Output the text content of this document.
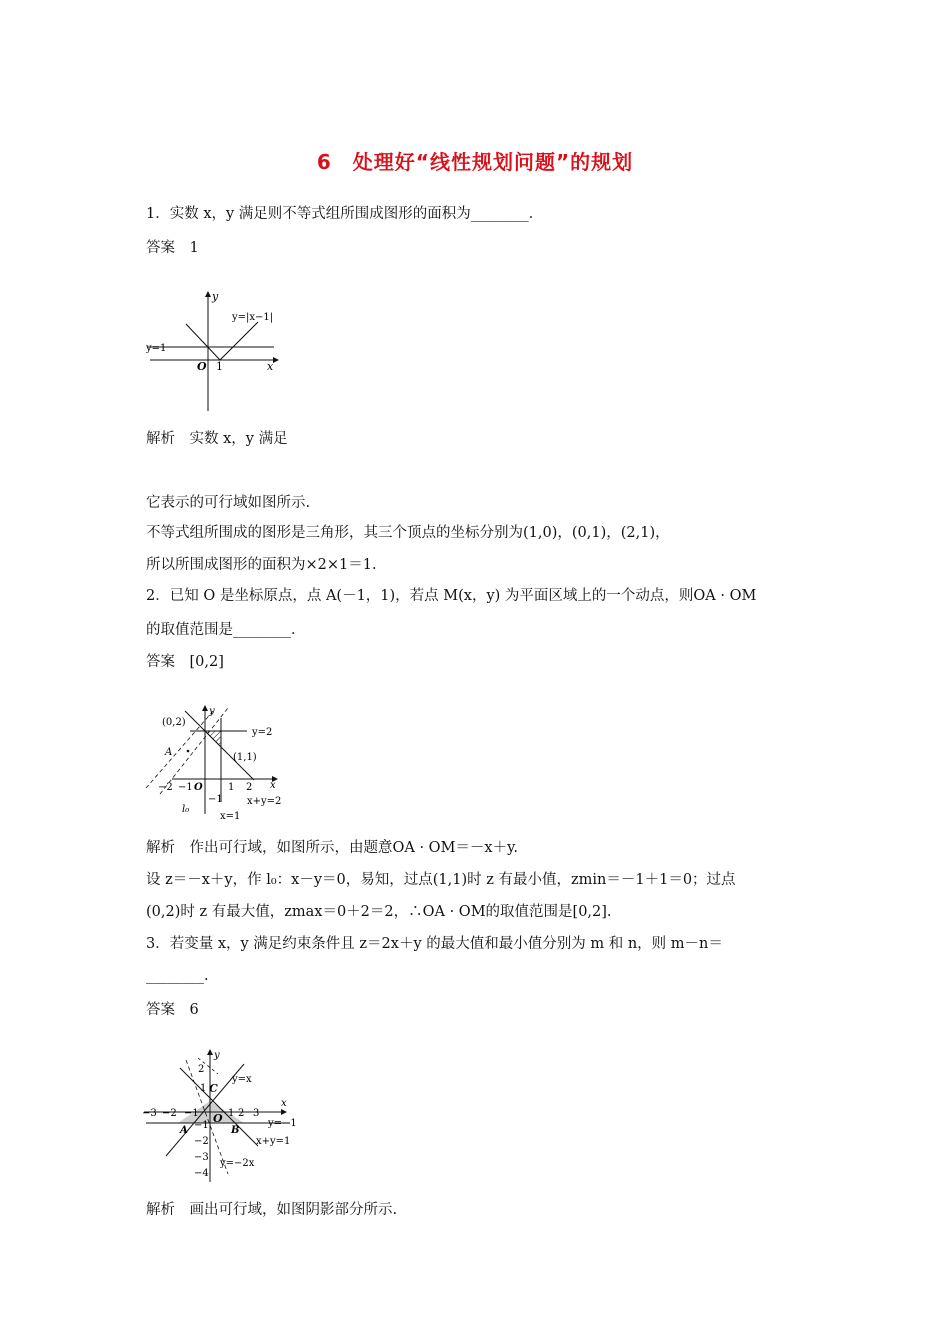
6　处理好“线性规划问题”的规划
1．实数 x，y 满足则不等式组所围成图形的面积为________．
答案　1
y
x
O 1
y=|x−1|
y=1
解析　实数 x，y 满足
它表示的可行域如图所示.
不等式组所围成的图形是三角形，其三个顶点的坐标分别为(1,0)，(0,1)，(2,1)，
所以所围成图形的面积为×2×1＝1.
2．已知 O 是坐标原点，点 A(－1，1)，若点 M(x，y) 为平面区域上的一个动点，则OA · OM
的取值范围是________．
答案　[0,2]
y
x
O
(0,2)
(1,1)
A
y=2
x+y=2
x=1
l₀
−2 −1	1 2
−1
解析　作出可行域，如图所示，由题意OA · OM＝－x＋y.
设 z＝－x＋y，作 l₀：x－y＝0，易知，过点(1,1)时 z 有最小值，zmin＝－1＋1＝0；过点
(0,2)时 z 有最大值，zmax＝0＋2＝2，∴OA · OM的取值范围是[0,2].
3．若变量 x，y 满足约束条件且 z＝2x＋y 的最大值和最小值分别为 m 和 n，则 m－n＝
________.
答案　6
y
x
O
y=x
y=−1
x+y=1
y=−2x
A	B
C
−3 −2 −1	1 2 3
2
1
−1
−2
−3
−4
解析　画出可行域，如图阴影部分所示.
